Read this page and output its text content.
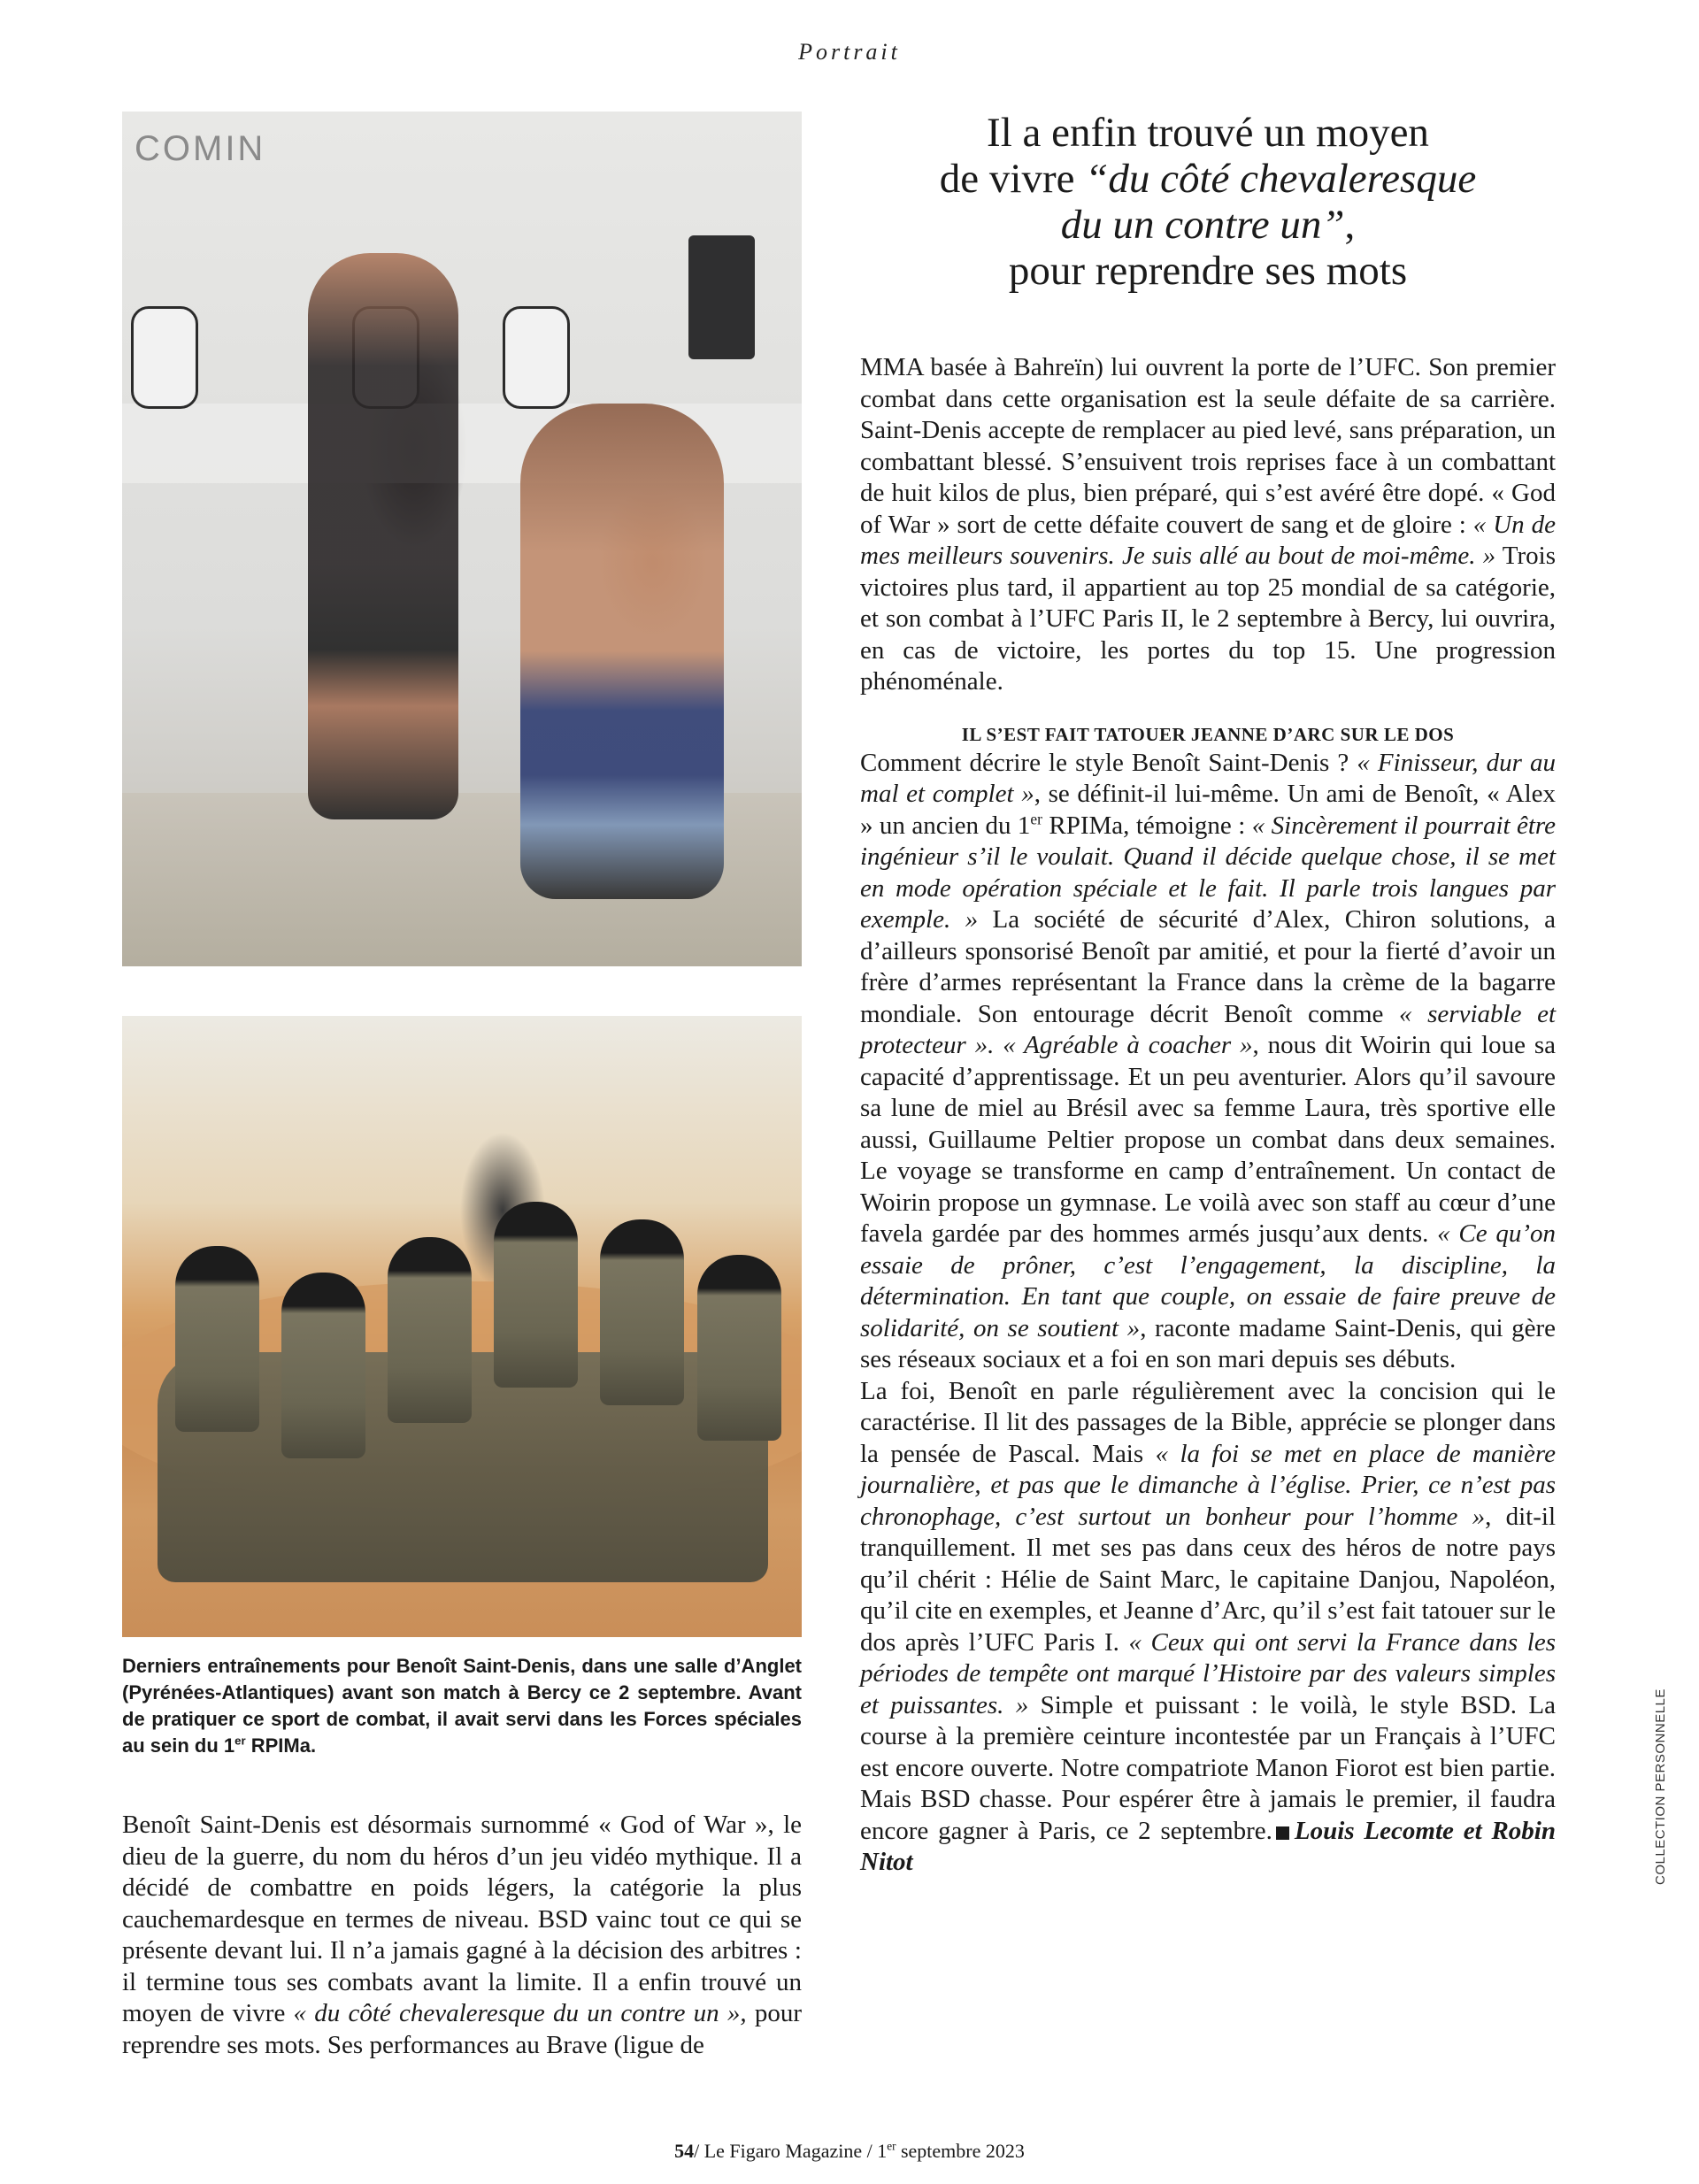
Portrait
COMIN
Derniers entraînements pour Benoît Saint-Denis, dans une salle d’Anglet (Pyrénées-Atlantiques) avant son match à Bercy ce 2 septembre. Avant de pratiquer ce sport de combat, il avait servi dans les Forces spéciales au sein du 1er RPIMa.

Benoît Saint-Denis est désormais surnommé « God of War », le dieu de la guerre, du nom du héros d’un jeu vidéo mythique. Il a décidé de combattre en poids légers, la catégorie la plus cauchemardesque en termes de niveau. BSD vainc tout ce qui se présente devant lui. Il n’a jamais gagné à la décision des arbitres : il termine tous ses combats avant la limite. Il a enfin trouvé un moyen de vivre « du côté chevaleresque du un contre un », pour reprendre ses mots. Ses performances au Brave (ligue de

Il a enfin trouvé un moyen
de vivre “du côté chevaleresque
du un contre un”,
pour reprendre ses mots

MMA basée à Bahreïn) lui ouvrent la porte de l’UFC. Son premier combat dans cette organisation est la seule défaite de sa carrière. Saint-Denis accepte de remplacer au pied levé, sans préparation, un combattant blessé. S’ensuivent trois reprises face à un combattant de huit kilos de plus, bien préparé, qui s’est avéré être dopé. « God of War » sort de cette défaite couvert de sang et de gloire : « Un de mes meilleurs souvenirs. Je suis allé au bout de moi-même. » Trois victoires plus tard, il appartient au top 25 mondial de sa catégorie, et son combat à l’UFC Paris II, le 2 septembre à Bercy, lui ouvrira, en cas de victoire, les portes du top 15. Une progression phénoménale.

IL S’EST FAIT TATOUER JEANNE D’ARC SUR LE DOS

Comment décrire le style Benoît Saint-Denis ? « Finisseur, dur au mal et complet », se définit-il lui-même. Un ami de Benoît, « Alex » un ancien du 1er RPIMa, témoigne : « Sincèrement il pourrait être ingénieur s’il le voulait. Quand il décide quelque chose, il se met en mode opération spéciale et le fait. Il parle trois langues par exemple. » La société de sécurité d’Alex, Chiron solutions, a d’ailleurs sponsorisé Benoît par amitié, et pour la fierté d’avoir un frère d’armes représentant la France dans la crème de la bagarre mondiale. Son entourage décrit Benoît comme « serviable et protecteur ». « Agréable à coacher », nous dit Woirin qui loue sa capacité d’apprentissage. Et un peu aventurier. Alors qu’il savoure sa lune de miel au Brésil avec sa femme Laura, très sportive elle aussi, Guillaume Peltier propose un combat dans deux semaines. Le voyage se transforme en camp d’entraînement. Un contact de Woirin propose un gymnase. Le voilà avec son staff au cœur d’une favela gardée par des hommes armés jusqu’aux dents. « Ce qu’on essaie de prôner, c’est l’engagement, la discipline, la détermination. En tant que couple, on essaie de faire preuve de solidarité, on se soutient », raconte madame Saint-Denis, qui gère ses réseaux sociaux et a foi en son mari depuis ses débuts.

La foi, Benoît en parle régulièrement avec la concision qui le caractérise. Il lit des passages de la Bible, apprécie se plonger dans la pensée de Pascal. Mais « la foi se met en place de manière journalière, et pas que le dimanche à l’église. Prier, ce n’est pas chronophage, c’est surtout un bonheur pour l’homme », dit-il tranquillement. Il met ses pas dans ceux des héros de notre pays qu’il chérit : Hélie de Saint Marc, le capitaine Danjou, Napoléon, qu’il cite en exemples, et Jeanne d’Arc, qu’il s’est fait tatouer sur le dos après l’UFC Paris I. « Ceux qui ont servi la France dans les périodes de tempête ont marqué l’Histoire par des valeurs simples et puissantes. » Simple et puissant : le voilà, le style BSD. La course à la première ceinture incontestée par un Français à l’UFC est encore ouverte. Notre compatriote Manon Fiorot est bien partie. Mais BSD chasse. Pour espérer être à jamais le premier, il faudra encore gagner à Paris, ce 2 septembre. Louis Lecomte et Robin Nitot	COLLECTION PERSONNELLE
54/ Le Figaro Magazine / 1er septembre 2023
